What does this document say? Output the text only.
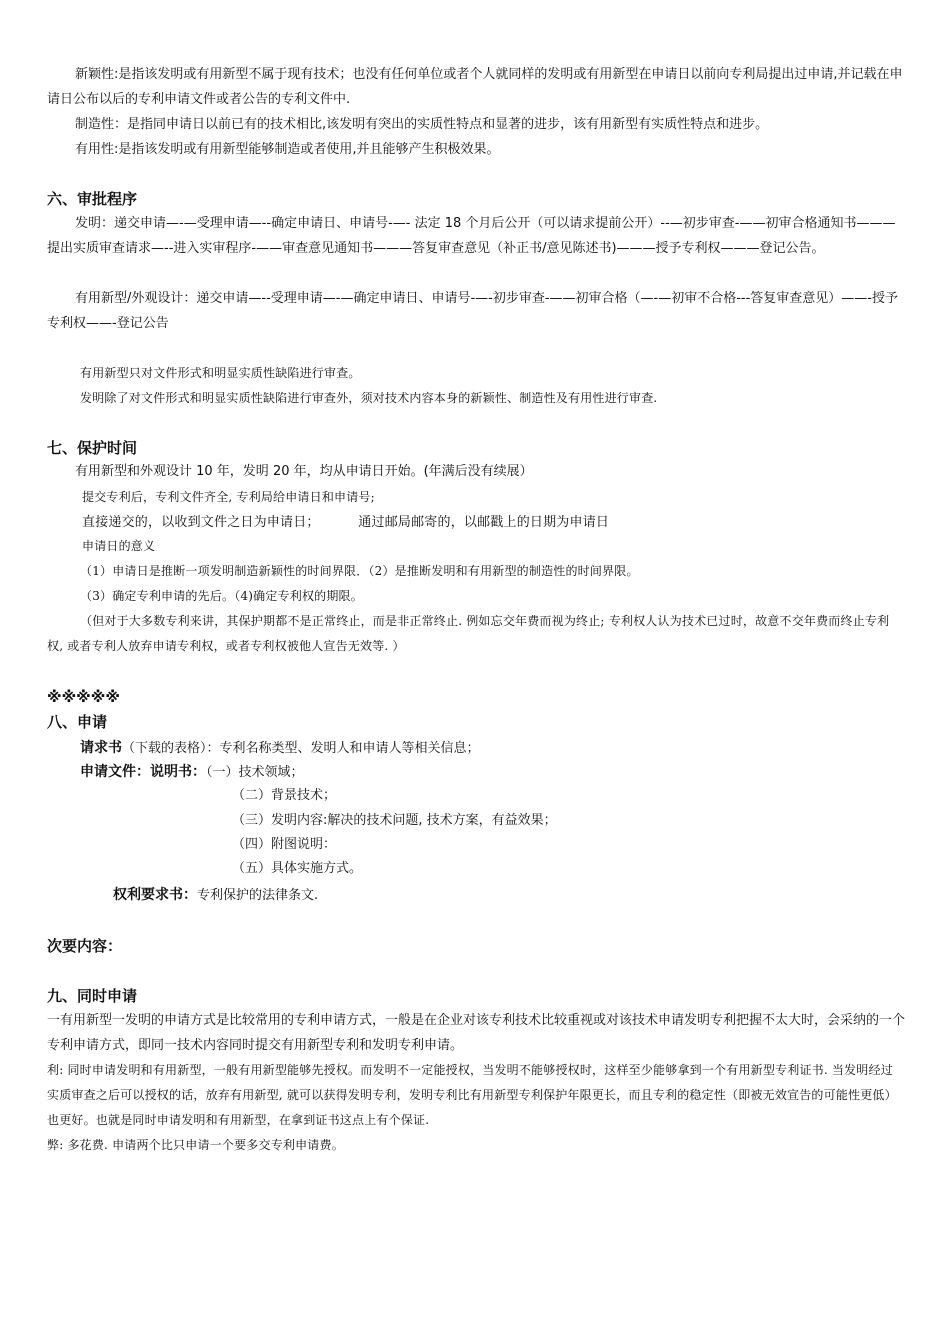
新颖性:是指该发明或有用新型不属于现有技术；也没有任何单位或者个人就同样的发明或有用新型在申请日以前向专利局提出过申请,并记载在申请日公布以后的专利申请文件或者公告的专利文件中.

制造性：是指同申请日以前已有的技术相比,该发明有突出的实质性特点和显著的进步，该有用新型有实质性特点和进步。

有用性:是指该发明或有用新型能够制造或者使用,并且能够产生积极效果。

六、审批程序

发明：递交申请—-—受理申请—--确定申请日、申请号-—- 法定 18 个月后公开（可以请求提前公开）--—初步审查-——初审合格通知书———提出实质审查请求—--进入实审程序-——审查意见通知书———答复审查意见（补正书/意见陈述书)———授予专利权———登记公告。

有用新型/外观设计：递交申请—--受理申请—-—确定申请日、申请号-—-初步审查-——初审合格（—-—初审不合格---答复审查意见）——-授予专利权——-登记公告

有用新型只对文件形式和明显实质性缺陷进行审查。

发明除了对文件形式和明显实质性缺陷进行审查外，须对技术内容本身的新颖性、制造性及有用性进行审查.

七、保护时间

有用新型和外观设计 10 年，发明 20 年，均从申请日开始。(年满后没有续展）

提交专利后，专利文件齐全, 专利局给申请日和申请号;

直接递交的，以收到文件之日为申请日；	通过邮局邮寄的，以邮戳上的日期为申请日

申请日的意义

（1）申请日是推断一项发明制造新颖性的时间界限．（2）是推断发明和有用新型的制造性的时间界限。

（3）确定专利申请的先后。（4)确定专利权的期限。

（但对于大多数专利来讲，其保护期都不是正常终止，而是非正常终止. 例如忘交年费而视为终止; 专利权人认为技术已过时，故意不交年费而终止专利权, 或者专利人放弃申请专利权，或者专利权被他人宣告无效等. ）

※※※※※
八、申请
请求书（下载的表格）：专利名称类型、发明人和申请人等相关信息；
申请文件：说明书：（一）技术领域；
（二）背景技术；
（三）发明内容:解决的技术问题, 技术方案，有益效果；
（四）附图说明：
（五）具体实施方式。
权利要求书：专利保护的法律条文.
次要内容：
九、同时申请

一有用新型一发明的申请方式是比较常用的专利申请方式，一般是在企业对该专利技术比较重视或对该技术申请发明专利把握不太大时，会采纳的一个专利申请方式，即同一技术内容同时提交有用新型专利和发明专利申请。

利: 同时申请发明和有用新型，一般有用新型能够先授权。而发明不一定能授权，当发明不能够授权时，这样至少能够拿到一个有用新型专利证书. 当发明经过实质审查之后可以授权的话，放弃有用新型, 就可以获得发明专利，发明专利比有用新型专利保护年限更长，而且专利的稳定性（即被无效宣告的可能性更低）也更好。也就是同时申请发明和有用新型，在拿到证书这点上有个保证.

弊: 多花费. 申请两个比只申请一个要多交专利申请费。
